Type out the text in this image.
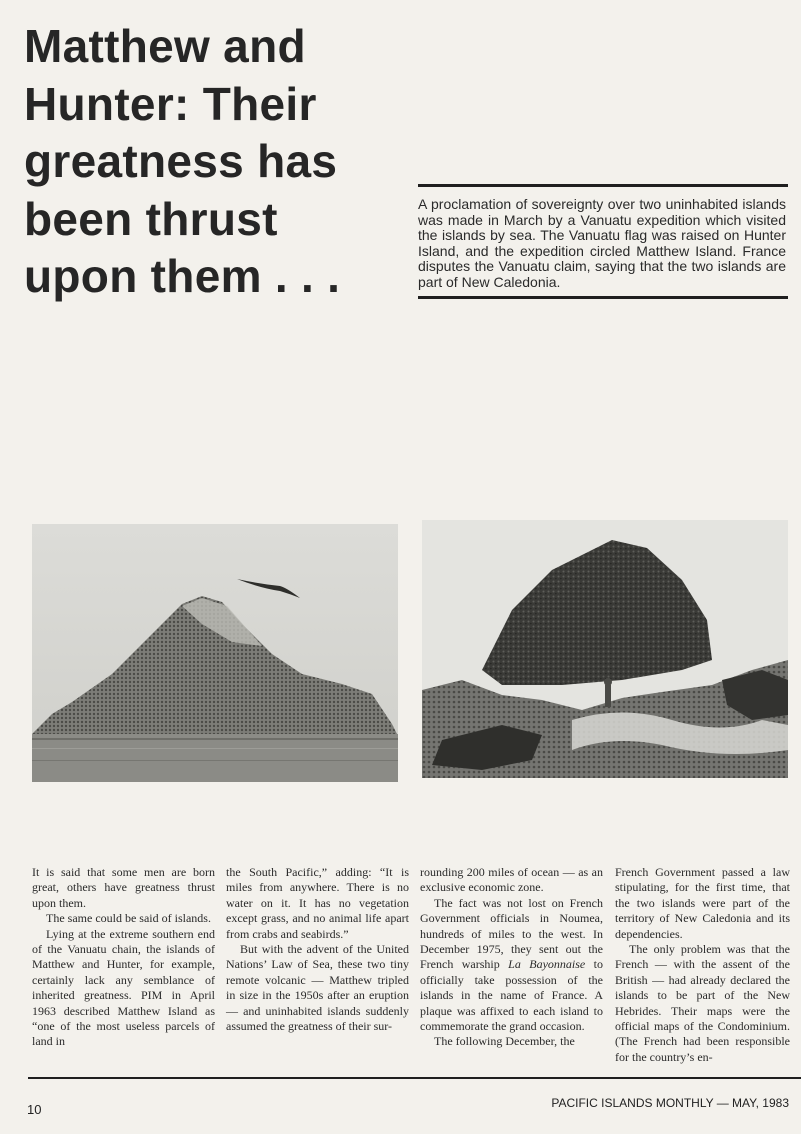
Matthew and
Hunter: Their
greatness has
been thrust
upon them . . .
A proclamation of sovereignty over two uninhabited islands was made in March by a Vanuatu expedition which visited the islands by sea. The Vanuatu flag was raised on Hunter Island, and the expedition circled Matthew Island. France disputes the Vanuatu claim, saying that the two islands are part of New Caledonia.

It is said that some men are born great, others have greatness thrust upon them.

The same could be said of islands.

Lying at the extreme southern end of the Vanuatu chain, the islands of Matthew and Hunter, for example, certainly lack any semblance of inherited greatness. PIM in April 1963 described Matthew Island as “one of the most useless parcels of land in

the South Pacific,” adding: “It is miles from anywhere. There is no water on it. It has no vegetation except grass, and no animal life apart from crabs and seabirds.”

But with the advent of the United Nations’ Law of Sea, these two tiny remote volcanic — Matthew tripled in size in the 1950s after an eruption — and uninhabited islands suddenly assumed the greatness of their sur-

rounding 200 miles of ocean — as an exclusive economic zone.

The fact was not lost on French Government officials in Noumea, hundreds of miles to the west. In December 1975, they sent out the French warship La Bayonnaise to officially take possession of the islands in the name of France. A plaque was affixed to each island to commemorate the grand occasion.

The following December, the

French Government passed a law stipulating, for the first time, that the two islands were part of the territory of New Caledonia and its dependencies.

The only problem was that the French — with the assent of the British — had already declared the islands to be part of the New Hebrides. Their maps were the official maps of the Condominium. (The French had been responsible for the country’s en-

10	PACIFIC ISLANDS MONTHLY — MAY, 1983
